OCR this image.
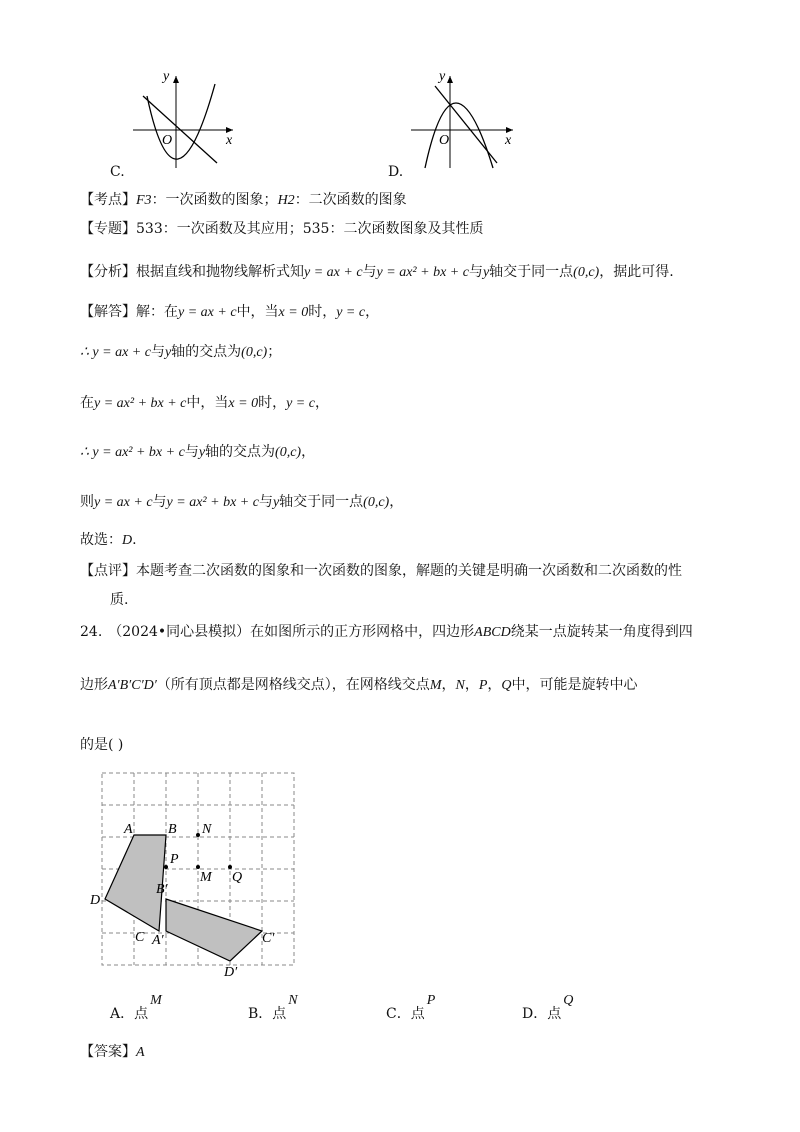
y
x
O
C.
y
x
O
D.
【考点】F3：一次函数的图象；H2：二次函数的图象
【专题】533：一次函数及其应用；535：二次函数图象及其性质
【分析】根据直线和抛物线解析式知y = ax + c与y = ax² + bx + c与y轴交于同一点(0,c)，据此可得.
【解答】解：在y = ax + c中，当x = 0时，y = c，
∴ y = ax + c与y轴的交点为(0,c)；
在y = ax² + bx + c中，当x = 0时，y = c，
∴ y = ax² + bx + c与y轴的交点为(0,c)，
则y = ax + c与y = ax² + bx + c与y轴交于同一点(0,c)，
故选：D.
【点评】本题考查二次函数的图象和一次函数的图象，解题的关键是明确一次函数和二次函数的性
质.
24. （2024•同心县模拟）在如图所示的正方形网格中，四边形ABCD绕某一点旋转某一角度得到四
边形A′B′C′D′（所有顶点都是网格线交点），在网格线交点M，N，P，Q中，可能是旋转中心
的是( )
A	B
C
D
A′
B′
C′
D′
N
P
M Q
A．点M
B．点N
C．点P
D．点Q
【答案】A
